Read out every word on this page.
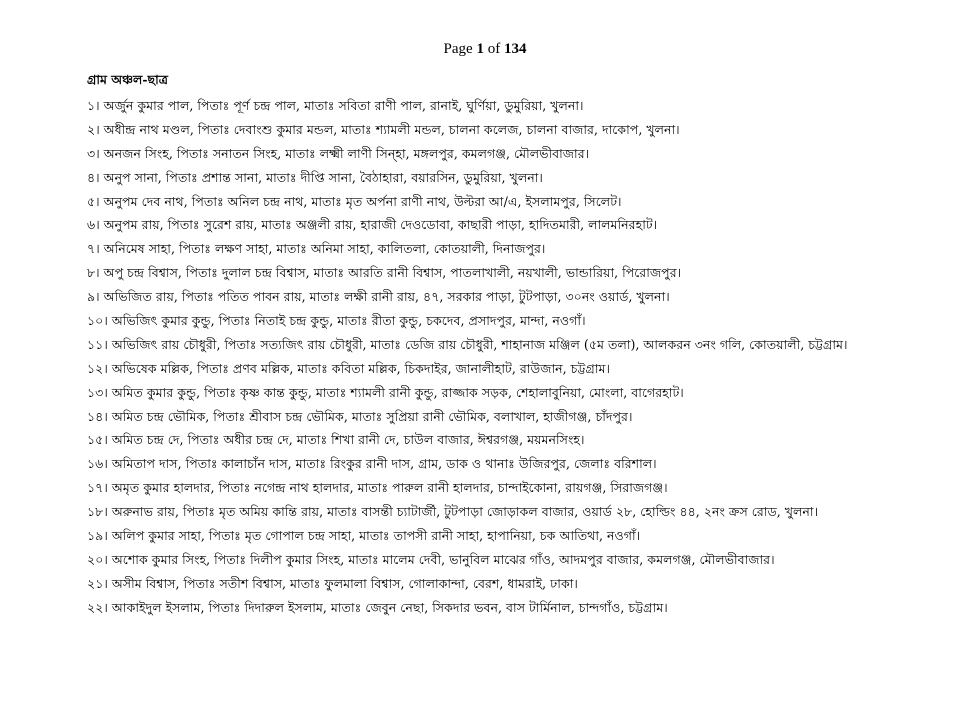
Page 1 of 134
গ্রাম অঞ্চল-ছাত্র
১। অর্জুন কুমার পাল, পিতাঃ পূর্ণ চন্দ্র পাল, মাতাঃ সবিতা রাণী পাল, রানাই, ঘুর্ণিয়া, ডুমুরিয়া, খুলনা।
২। অধীন্দ্র নাথ মণ্ডল, পিতাঃ দেবাংশু কুমার মন্ডল, মাতাঃ শ্যামলী মন্ডল, চালনা কলেজ, চালনা বাজার, দাকোপ, খুলনা।
৩। অনজন সিংহ, পিতাঃ সনাতন সিংহ, মাতাঃ লক্ষ্মী লাণী সিন্‌হা, মঙ্গলপুর, কমলগঞ্জ, মৌলভীবাজার।
৪। অনুপ সানা, পিতাঃ প্রশান্ত সানা, মাতাঃ দীপ্তি সানা, বৈঠাহারা, বয়ারসিন, ডুমুরিয়া, খুলনা।
৫। অনুপম দেব নাথ, পিতাঃ অনিল চন্দ্র নাথ, মাতাঃ মৃত অর্পনা রাণী নাথ, উল্টরা আ/এ, ইসলামপুর, সিলেট।
৬। অনুপম রায়, পিতাঃ সুরেশ রায়, মাতাঃ অঞ্জলী রায়, হারাজী দেওডোবা, কাছারী পাড়া, হাদিতমারী, লালমনিরহাট।
৭। অনিমেষ সাহা, পিতাঃ লক্ষণ সাহা, মাতাঃ অনিমা সাহা, কালিতলা, কোতয়ালী, দিনাজপুর।
৮। অপু চন্দ্র বিশ্বাস, পিতাঃ দুলাল চন্দ্র বিশ্বাস, মাতাঃ আরতি রানী বিশ্বাস, পাতলাখালী, নয়খালী, ভান্ডারিয়া, পিরোজপুর।
৯। অভিজিত রায়, পিতাঃ পতিত পাবন রায়, মাতাঃ লক্ষী রানী রায়, ৪৭, সরকার পাড়া, টুটপাড়া, ৩০নং ওয়ার্ড, খুলনা।
১০। অভিজিৎ কুমার কুন্ডু, পিতাঃ নিতাই চন্দ্র কুন্ডু, মাতাঃ রীতা কুন্ডু, চকদেব, প্রসাদপুর, মান্দা, নওগাঁ।
১১। অভিজিৎ রায় চৌধুরী, পিতাঃ সত্যজিৎ রায় চৌধুরী, মাতাঃ ডেজি রায় চৌধুরী, শাহানাজ মঞ্জিল (৫ম তলা), আলকরন ৩নং গলি, কোতয়ালী, চট্টগ্রাম।
১২। অভিষেক মল্লিক, পিতাঃ প্রণব মল্লিক, মাতাঃ কবিতা মল্লিক, চিকদাইর, জানালীহাট, রাউজান, চট্টগ্রাম।
১৩। অমিত কুমার কুন্ডু, পিতাঃ কৃষ্ণ কান্ত কুন্ডু, মাতাঃ শ্যামলী রানী কুন্ডু, রাজ্জাক সড়ক, শেহালাবুনিয়া, মোংলা, বাগেরহাট।
১৪। অমিত চন্দ্র ভৌমিক, পিতাঃ শ্রীবাস চন্দ্র ভৌমিক, মাতাঃ সুপ্রিয়া রানী ভৌমিক, বলাখাল, হাজীগঞ্জ, চাঁদপুর।
১৫। অমিত চন্দ্র দে, পিতাঃ অধীর চন্দ্র দে, মাতাঃ শিখা রানী দে, চাউল বাজার, ঈশ্বরগঞ্জ, ময়মনসিংহ।
১৬। অমিতাপ দাস, পিতাঃ কালাচাঁন দাস, মাতাঃ রিংকুর রানী দাস, গ্রাম, ডাক ও থানাঃ উজিরপুর, জেলাঃ বরিশাল।
১৭। অমৃত কুমার হালদার, পিতাঃ নগেন্দ্র নাথ হালদার, মাতাঃ পারুল রানী হালদার, চান্দাইকোনা, রায়গঞ্জ, সিরাজগঞ্জ।
১৮। অরুনাভ রায়, পিতাঃ মৃত অমিয় কান্তি রায়, মাতাঃ বাসন্তী চ্যাটার্জী, টুটপাড়া জোড়াকল বাজার, ওয়ার্ড ২৮, হোল্ডিং ৪৪, ২নং ক্রস রোড, খুলনা।
১৯। অলিপ কুমার সাহা, পিতাঃ মৃত গোপাল চন্দ্র সাহা, মাতাঃ তাপসী রানী সাহা, হাপানিয়া, চক আতিথা, নওগাঁ।
২০। অশোক কুমার সিংহ, পিতাঃ দিলীপ কুমার সিংহ, মাতাঃ মালেম দেবী, ভানুবিল মাঝের গাঁও, আদমপুর বাজার, কমলগঞ্জ, মৌলভীবাজার।
২১। অসীম বিশ্বাস, পিতাঃ সতীশ বিশ্বাস, মাতাঃ ফুলমালা বিশ্বাস, গোলাকান্দা, বেরশ, ধামরাই, ঢাকা।
২২। আকাইদুল ইসলাম, পিতাঃ দিদারুল ইসলাম, মাতাঃ জেবুন নেছা, সিকদার ভবন, বাস টার্মিনাল, চান্দগাঁও, চট্টগ্রাম।
